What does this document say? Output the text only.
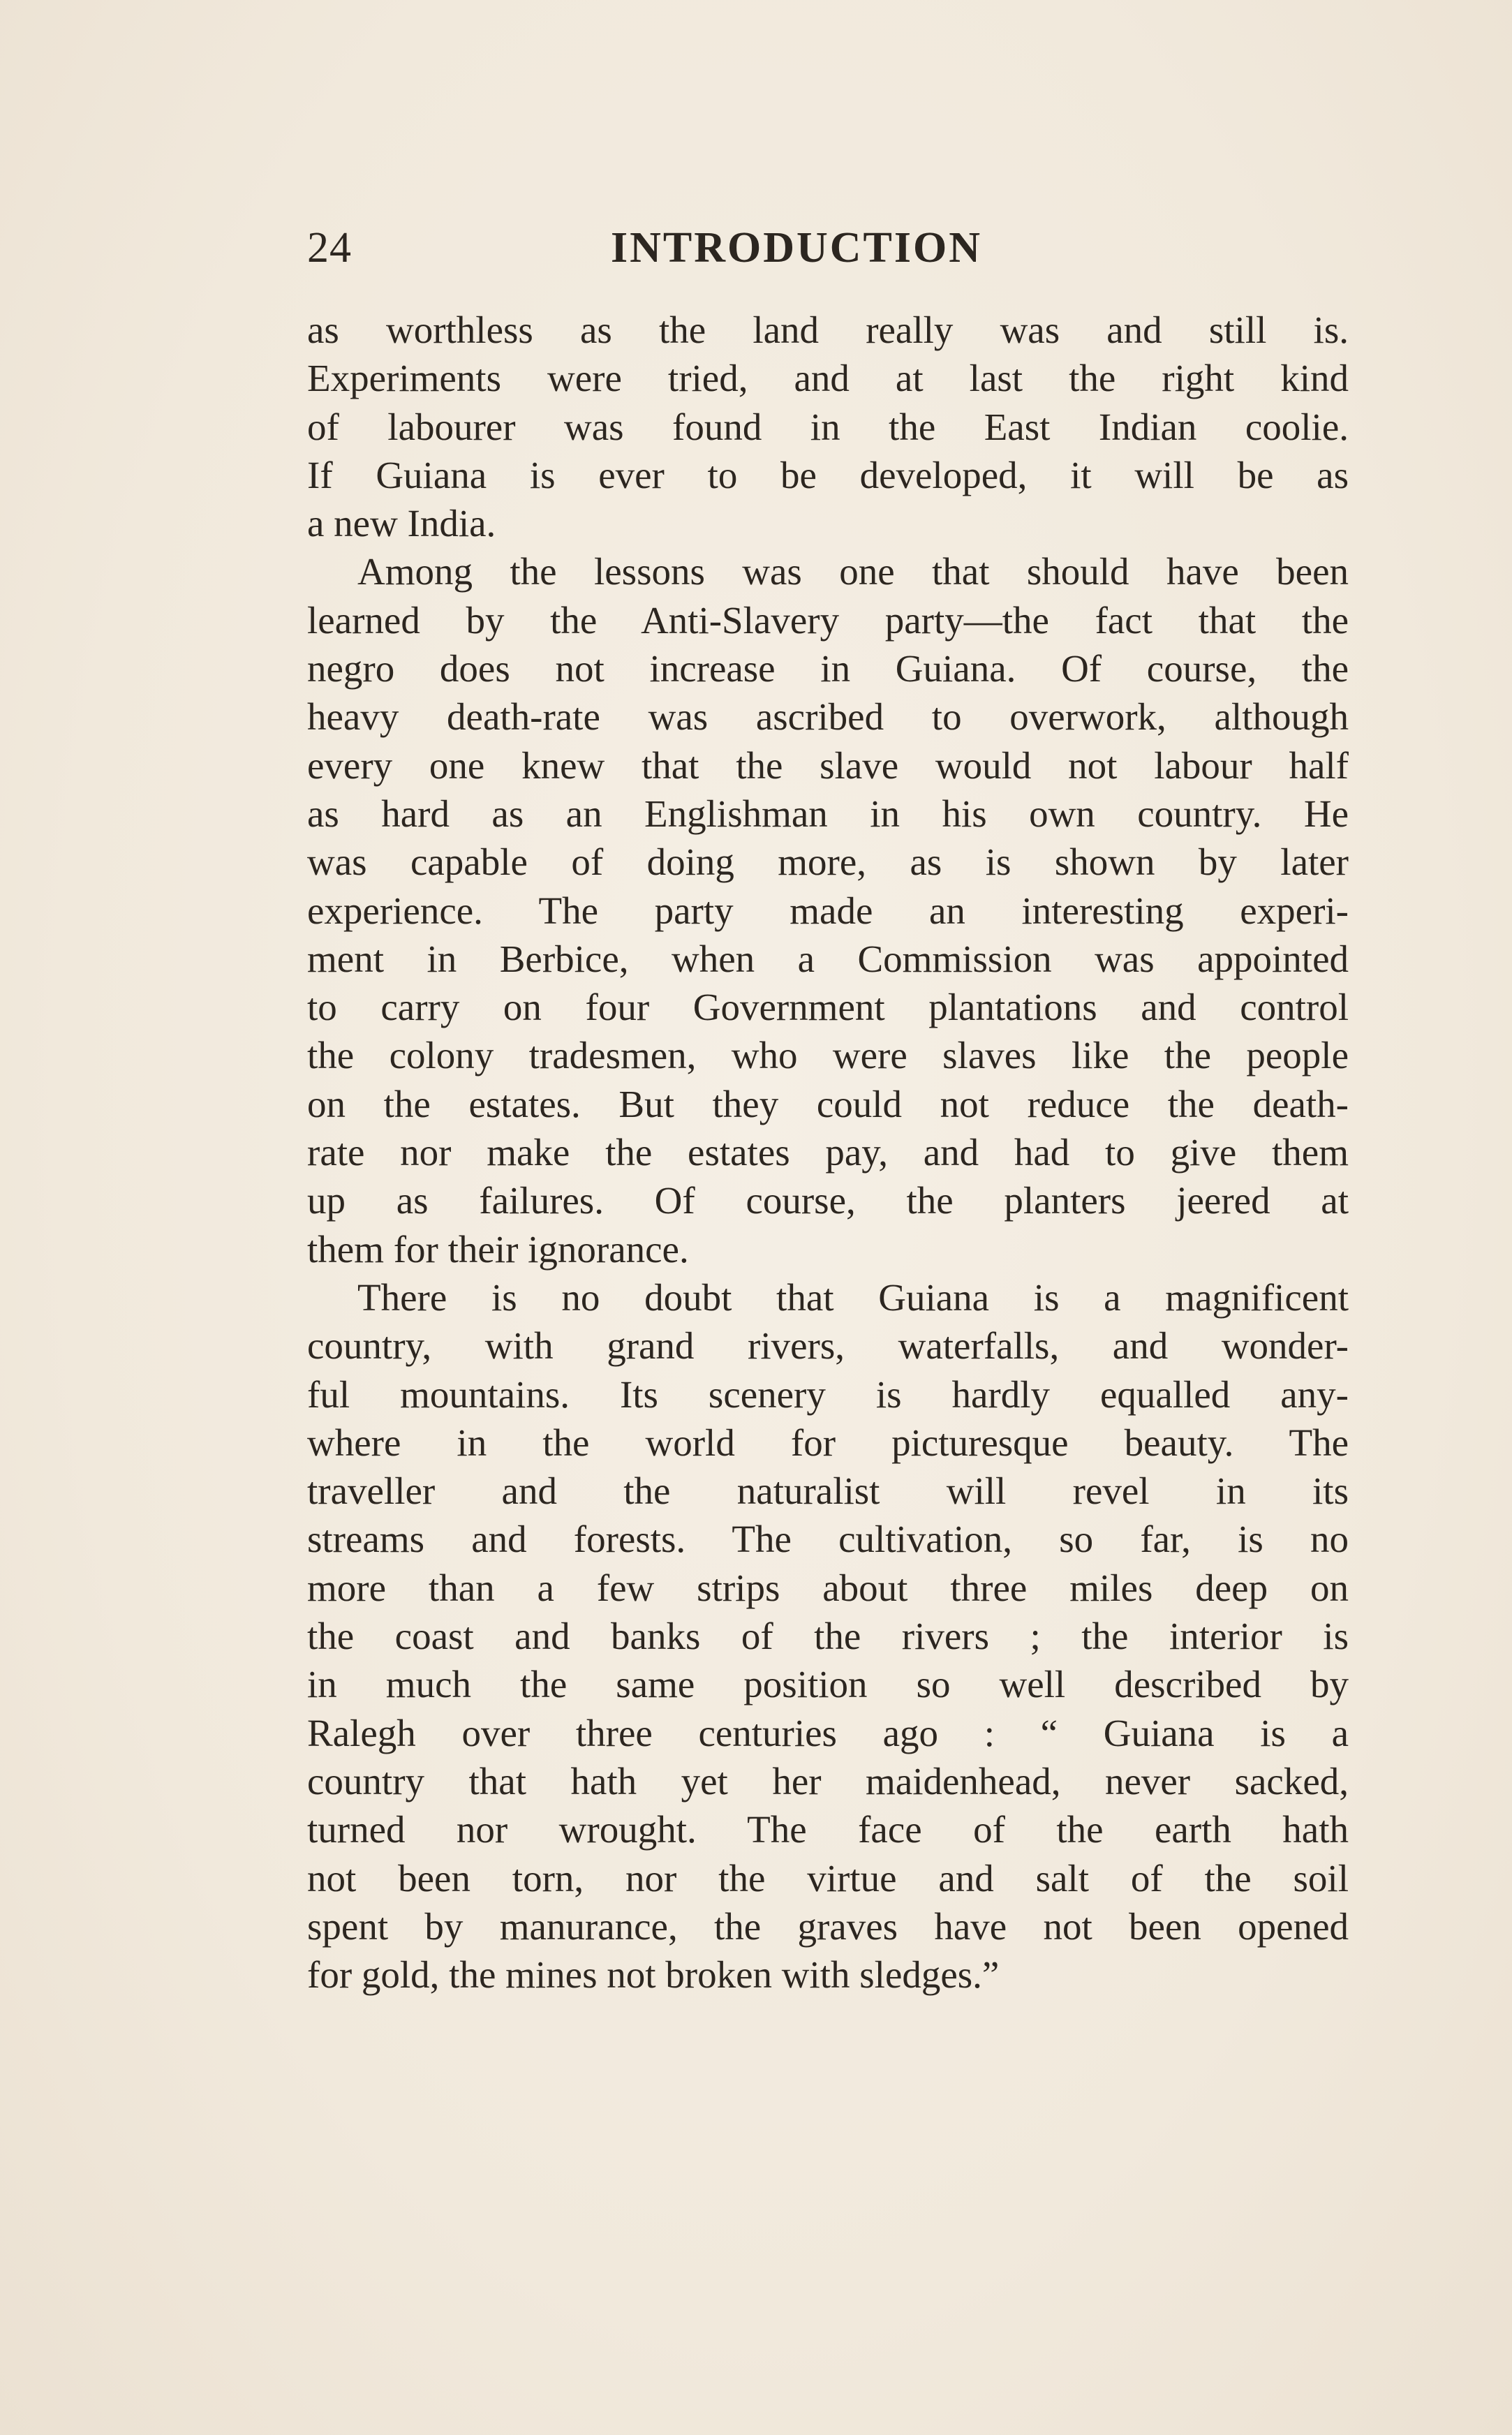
24	INTRODUCTION
as worthless as the land really was and still is.
Experiments were tried, and at last the right kind
of labourer was found in the East Indian coolie.
If Guiana is ever to be developed, it will be as
a new India.
Among the lessons was one that should have been
learned by the Anti-Slavery party—the fact that the
negro does not increase in Guiana. Of course, the
heavy death-rate was ascribed to overwork, although
every one knew that the slave would not labour half
as hard as an Englishman in his own country. He
was capable of doing more, as is shown by later
experience. The party made an interesting experi-
ment in Berbice, when a Commission was appointed
to carry on four Government plantations and control
the colony tradesmen, who were slaves like the people
on the estates. But they could not reduce the death-
rate nor make the estates pay, and had to give them
up as failures. Of course, the planters jeered at
them for their ignorance.
There is no doubt that Guiana is a magnificent
country, with grand rivers, waterfalls, and wonder-
ful mountains. Its scenery is hardly equalled any-
where in the world for picturesque beauty. The
traveller and the naturalist will revel in its
streams and forests. The cultivation, so far, is no
more than a few strips about three miles deep on
the coast and banks of the rivers ; the interior is
in much the same position so well described by
Ralegh over three centuries ago : “ Guiana is a
country that hath yet her maidenhead, never sacked,
turned nor wrought. The face of the earth hath
not been torn, nor the virtue and salt of the soil
spent by manurance, the graves have not been opened
for gold, the mines not broken with sledges.”
